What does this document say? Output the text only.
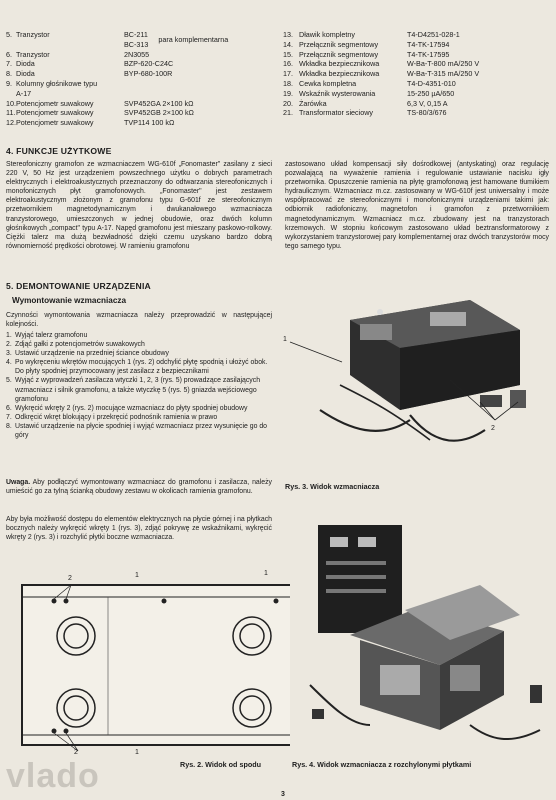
5. Tranzystor	BC-211
BC-313
para komplementarna
6. Tranzystor	2N3055
7. Dioda	BZP-620-C24C
8. Dioda	BYP-680-100R
9. Kolumny głośnikowe typu A-17
10. Potencjometr suwakowy	SVP452GA 2×100 kΩ
11. Potencjometr suwakowy	SVP452GB 2×100 kΩ
12. Potencjometr suwakowy	TVP114 100 kΩ
13. Dławik kompletny	T4-D4251-028-1
14. Przełącznik segmentowy	T4-TK-17594
15. Przełącznik segmentowy	T4-TK-17595
16. Wkładka bezpiecznikowa	W-Ba-T-800 mA/250 V
17. Wkładka bezpiecznikowa	W-Ba-T-315 mA/250 V
18. Cewka kompletna	T4-D-4351-010
19. Wskaźnik wysterowania	15-250 µA/650
20. Żarówka	6,3 V, 0,15 A
21. Transformator sieciowy	TS-80/3/676
4. FUNKCJE UŻYTKOWE
Stereofoniczny gramofon ze wzmacniaczem WG-610f „Fonomaster" zasilany z sieci 220 V, 50 Hz jest urządzeniem powszechnego użytku o dobrych parametrach elektrycznych i elektroakustycznych przeznaczony do odtwarzania stereofonicznych i monofonicznych płyt gramofonowych. „Fonomaster" jest zestawem elektroakustycznym złożonym z gramofonu typu G-601f ze stereofonicznym przetwornikiem magnetodynamicznym i dwukanałowego wzmacniacza tranzystorowego, umieszczonych w jednej obudowie, oraz dwóch kolumn głośnikowych „compact" typu A-17. Napęd gramofonu jest mieszany paskowo-rolkowy. Ciężki talerz ma dużą bezwładność dzięki czemu uzyskano bardzo dobrą równomierność prędkości obrotowej. W ramieniu gramofonu
zastosowano układ kompensacji siły dośrodkowej (antyskating) oraz regulację pozwalającą na wyważenie ramienia i regulowanie ustawianie nacisku igły przetwornika. Opuszczenie ramienia na płytę gramofonową jest hamowane tłumikiem hydraulicznym. Wzmacniacz m.cz. zastosowany w WG-610f jest uniwersalny i może współpracować ze stereofonicznymi i monofonicznymi urządzeniami takimi jak: odbiornik radiofoniczny, magnetofon i gramofon z przetwornikiem magnetodynamicznym. Wzmacniacz m.cz. zbudowany jest na tranzystorach krzemowych. W stopniu końcowym zastosowano układ beztransformatorowy z wykorzystaniem tranzystorowej pary komplementarnej oraz dwóch tranzystorów mocy tego samego typu.
5. DEMONTOWANIE URZĄDZENIA
Wymontowanie wzmacniacza
Czynności wymontowania wzmacniacza należy przeprowadzić w następującej kolejności.
1. Wyjąć talerz gramofonu
2. Zdjąć gałki z potencjometrów suwakowych
3. Ustawić urządzenie na przedniej ściance obudowy
4. Po wykręceniu wkrętów mocujących 1 (rys. 2) odchylić płytę spodnią i ułożyć obok. Do płyty spodniej przymocowany jest zasilacz z bezpiecznikami
5. Wyjąć z wyprowadzeń zasilacza wtyczki 1, 2, 3 (rys. 5) prowadzące zasilających wzmacniacz i silnik gramofonu, a także wtyczkę 5 (rys. 5) gniazda wejściowego gramofonu
6. Wykręcić wkręty 2 (rys. 2) mocujące wzmacniacz do płyty spodniej obudowy
7. Odkręcić wkręt blokujący i przekręcić podnośnik ramienia w prawo
8. Ustawić urządzenie na płycie spodniej i wyjąć wzmacniacz przez wysunięcie go do góry
Uwaga. Aby podłączyć wymontowany wzmacniacz do gramofonu i zasilacza, należy umieścić go za tylną ścianką obudowy zestawu w okolicach ramienia gramofonu.
Aby była możliwość dostępu do elementów elektrycznych na płycie górnej i na płytkach bocznych należy wykręcić wkręty 1 (rys. 3), zdjąć pokrywę ze wskaźnikami, wykręcić wkręty 2 (rys. 3) i rozchylić płytki boczne wzmacniacza.
1
2
Rys. 3. Widok wzmacniacza
2
2
1	1
1
Rys. 2. Widok od spodu	Rys. 4. Widok wzmacniacza z rozchylonymi płytkami
3
vlado
